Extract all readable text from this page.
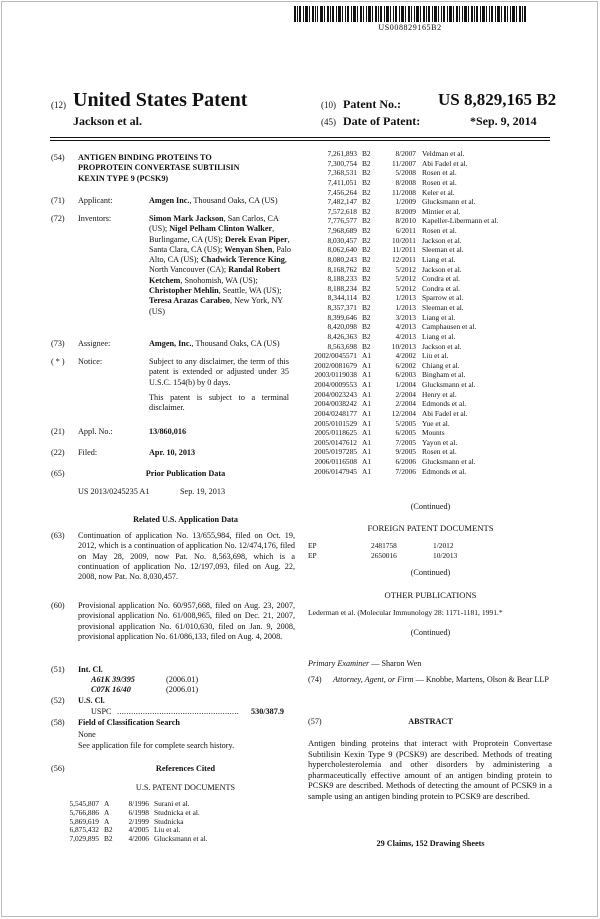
US008829165B2
(12) United States Patent
Jackson et al.
(10) Patent No.: US 8,829,165 B2
(45) Date of Patent:	*Sep. 9, 2014
(54) ANTIGEN BINDING PROTEINS TO
PROPROTEIN CONVERTASE SUBTILISIN
KEXIN TYPE 9 (PCSK9)
(71) Applicant:	Amgen Inc., Thousand Oaks, CA (US)
(72) Inventors:	Simon Mark Jackson, San Carlos, CA (US); Nigel Pelham Clinton Walker, Burlingame, CA (US); Derek Evan Piper, Santa Clara, CA (US); Wenyan Shen, Palo Alto, CA (US); Chadwick Terence King, North Vancouver (CA); Randal Robert Ketchem, Snohomish, WA (US); Christopher Mehlin, Seattle, WA (US); Teresa Arazas Carabeo, New York, NY (US)
(73) Assignee:	Amgen, Inc., Thousand Oaks, CA (US)
( * ) Notice:	Subject to any disclaimer, the term of this patent is extended or adjusted under 35 U.S.C. 154(b) by 0 days.
This patent is subject to a terminal disclaimer.
(21) Appl. No.:	13/860,016
(22) Filed:	Apr. 10, 2013
(65)	Prior Publication Data
US 2013/0245235 A1	Sep. 19, 2013
Related U.S. Application Data
(63) Continuation of application No. 13/655,984, filed on Oct. 19, 2012, which is a continuation of application No. 12/474,176, filed on May 28, 2009, now Pat. No. 8,563,698, which is a continuation of application No. 12/197,093, filed on Aug. 22, 2008, now Pat. No. 8,030,457.
(60) Provisional application No. 60/957,668, filed on Aug. 23, 2007, provisional application No. 61/008,965, filed on Dec. 21, 2007, provisional application No. 61/010,630, filed on Jan. 9, 2008, provisional application No. 61/086,133, filed on Aug. 4, 2008.
(51) Int. Cl.
A61K 39/395	(2006.01)
C07K 16/40	(2006.01)
(52) U.S. Cl.
USPC ....................................................	530/387.9
(58) Field of Classification Search
None
See application file for complete search history.
(56)	References Cited
U.S. PATENT DOCUMENTS
5,545,807 A	8/1996 Surani et al.
5,766,886 A	6/1998 Studnicka et al.
5,869,619 A	2/1999 Studnicka
6,875,432 B2	4/2005 Liu et al.
7,029,895 B2	4/2006 Glucksmann et al.
7,261,893 B2	8/2007 Veldman et al.
7,300,754 B2	11/2007 Abi Fadel et al.
7,368,531 B2	5/2008 Rosen et al.
7,411,051 B2	8/2008 Rosen et al.
7,456,264 B2	11/2008 Keler et al.
7,482,147 B2	1/2009 Glucksmann et al.
7,572,618 B2	8/2009 Mintier et al.
7,776,577 B2	8/2010 Kapeller-Libermann et al.
7,968,689 B2	6/2011 Rosen et al.
8,030,457 B2	10/2011 Jackson et al.
8,062,640 B2	11/2011 Sleeman et al.
8,080,243 B2	12/2011 Liang et al.
8,168,762 B2	5/2012 Jackson et al.
8,188,233 B2	5/2012 Condra et al.
8,188,234 B2	5/2012 Condra et al.
8,344,114 B2	1/2013 Sparrow et al.
8,357,371 B2	1/2013 Sleeman et al.
8,399,646 B2	3/2013 Liang et al.
8,420,098 B2	4/2013 Camphausen et al.
8,426,363 B2	4/2013 Liang et al.
8,563,698 B2	10/2013 Jackson et al.
2002/0045571 A1	4/2002 Liu et al.
2002/0081679 A1	6/2002 Chiang et al.
2003/0119038 A1	6/2003 Bingham et al.
2004/0009553 A1	1/2004 Glucksmann et al.
2004/0023243 A1	2/2004 Henry et al.
2004/0038242 A1	2/2004 Edmonds et al.
2004/0248177 A1	12/2004 Abi Fadel et al.
2005/0101529 A1	5/2005 Yue et al.
2005/0118625 A1	6/2005 Mounts
2005/0147612 A1	7/2005 Yayon et al.
2005/0197285 A1	9/2005 Rosen et al.
2006/0116508 A1	6/2006 Glucksmann et al.
2006/0147945 A1	7/2006 Edmonds et al.
(Continued)
FOREIGN PATENT DOCUMENTS
EP	2481758	1/2012
EP	2650016	10/2013
(Continued)
OTHER PUBLICATIONS
Lederman et al. (Molecular Immunology 28: 1171-1181, 1991.*
(Continued)
Primary Examiner — Sharon Wen
(74) Attorney, Agent, or Firm — Knobbe, Martens, Olson & Bear LLP
(57)	ABSTRACT
Antigen binding proteins that interact with Proprotein Convertase Subtilisin Kexin Type 9 (PCSK9) are described. Methods of treating hypercholesterolemia and other disorders by administering a pharmaceutically effective amount of an antigen binding protein to PCSK9 are described. Methods of detecting the amount of PCSK9 in a sample using an antigen binding protein to PCSK9 are described.
29 Claims, 152 Drawing Sheets
